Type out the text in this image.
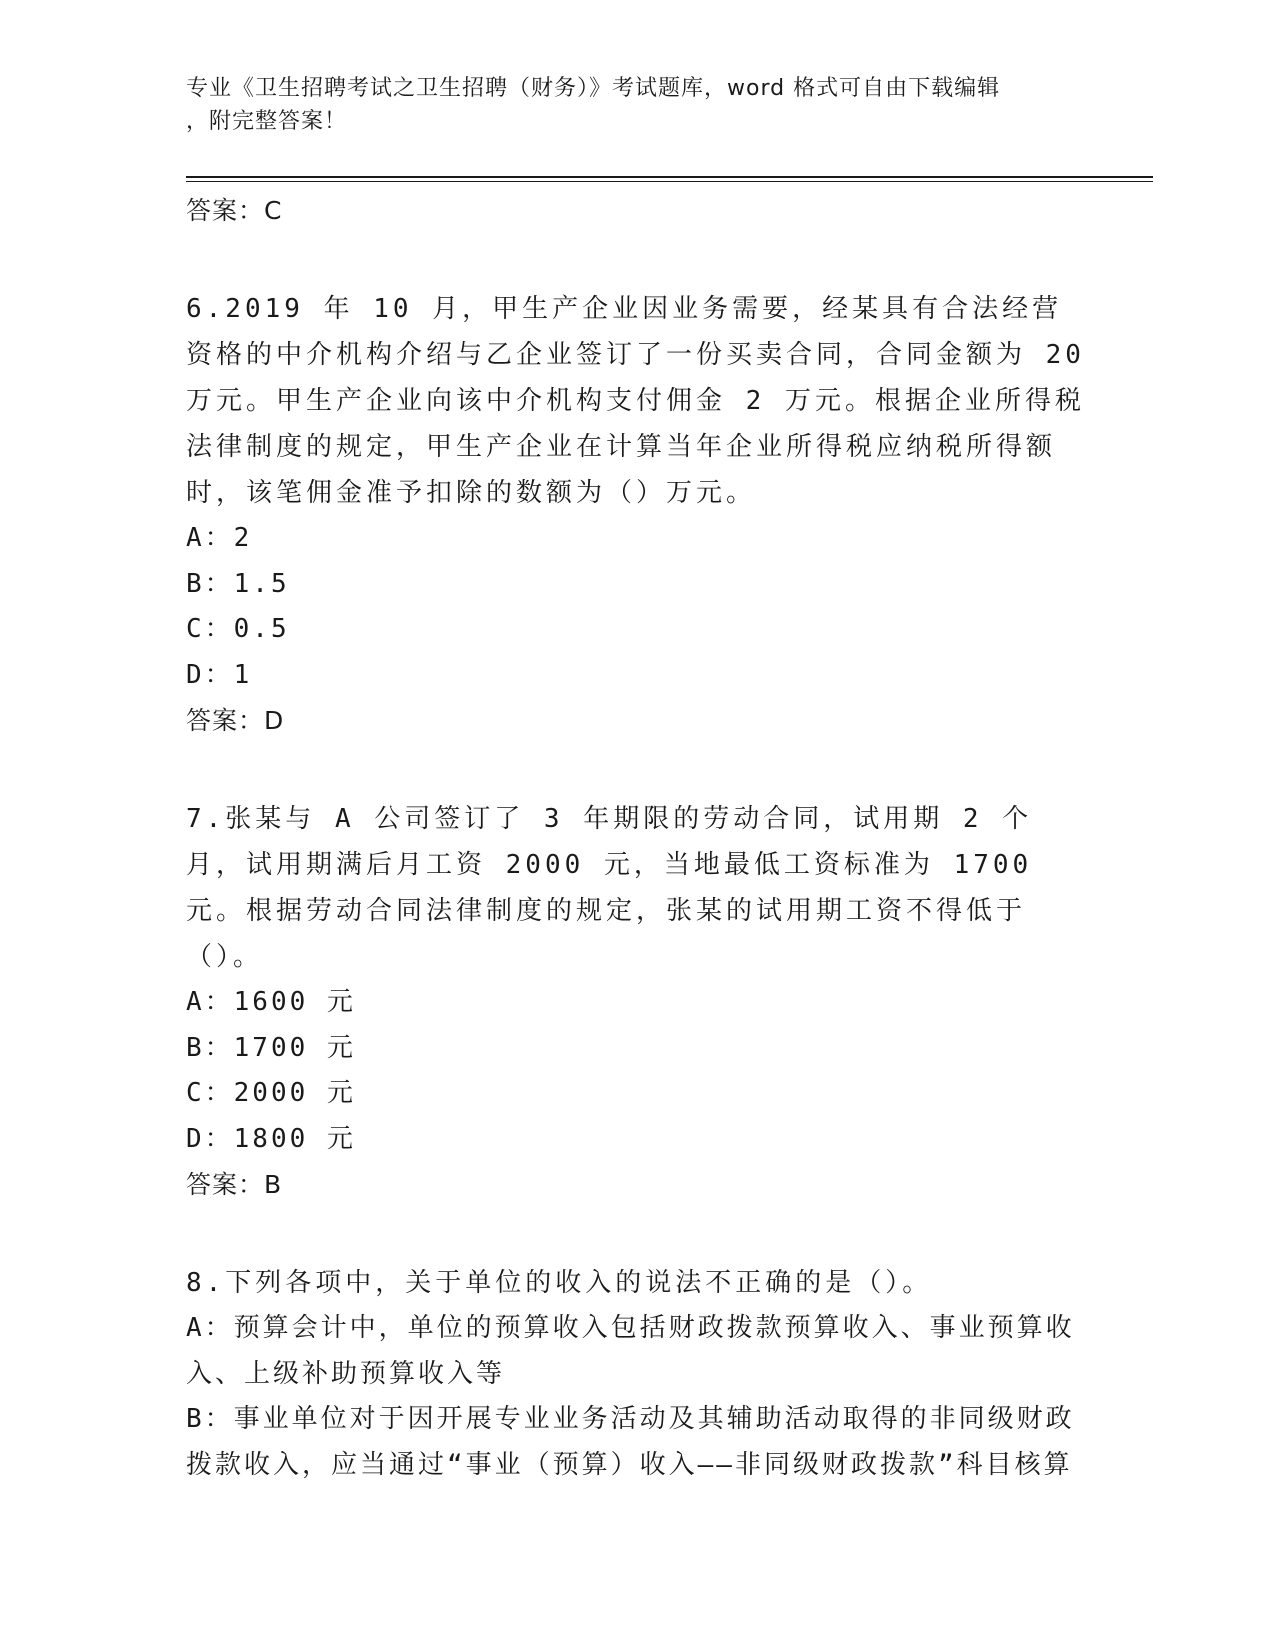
专业《卫生招聘考试之卫生招聘（财务）》考试题库，word 格式可自由下载编辑
，附完整答案！

答案：C

6.2019 年 10 月，甲生产企业因业务需要，经某具有合法经营资格的中介机构介绍与乙企业签订了一份买卖合同，合同金额为 20 万元。甲生产企业向该中介机构支付佣金 2 万元。根据企业所得税法律制度的规定，甲生产企业在计算当年企业所得税应纳税所得额时，该笔佣金准予扣除的数额为（）万元。

A：2

B：1.5

C：0.5

D：1

答案：D

7.张某与 A 公司签订了 3 年期限的劳动合同，试用期 2 个月，试用期满后月工资 2000 元，当地最低工资标准为 1700 元。根据劳动合同法律制度的规定，张某的试用期工资不得低于（）。

A：1600 元

B：1700 元

C：2000 元

D：1800 元

答案：B

8.下列各项中，关于单位的收入的说法不正确的是（）。

A：预算会计中，单位的预算收入包括财政拨款预算收入、事业预算收入、上级补助预算收入等

B：事业单位对于因开展专业业务活动及其辅助活动取得的非同级财政拨款收入，应当通过“事业（预算）收入——非同级财政拨款”科目核算
